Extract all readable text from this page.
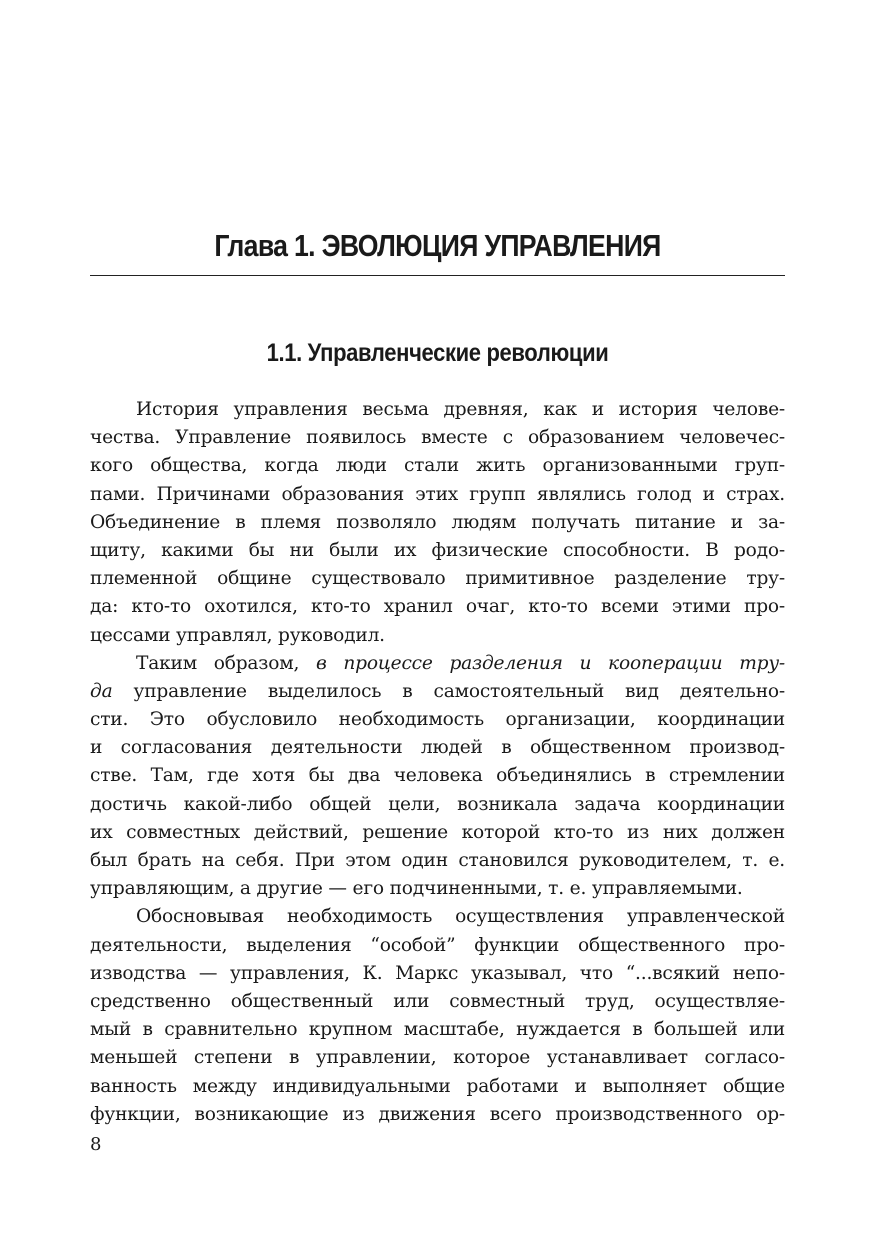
Глава 1. ЭВОЛЮЦИЯ УПРАВЛЕНИЯ
1.1. Управленческие революции
История управления весьма древняя, как и история челове-
чества. Управление появилось вместе с образованием человечес-
кого общества, когда люди стали жить организованными груп-
пами. Причинами образования этих групп являлись голод и страх.
Объединение в племя позволяло людям получать питание и за-
щиту, какими бы ни были их физические способности. В родо-
племенной общине существовало примитивное разделение тру-
да: кто-то охотился, кто-то хранил очаг, кто-то всеми этими про-
цессами управлял, руководил.
Таким образом, в процессе разделения и кооперации тру-
да управление выделилось в самостоятельный вид деятельно-
сти. Это обусловило необходимость организации, координации
и согласования деятельности людей в общественном производ-
стве. Там, где хотя бы два человека объединялись в стремлении
достичь какой-либо общей цели, возникала задача координации
их совместных действий, решение которой кто-то из них должен
был брать на себя. При этом один становился руководителем, т. е.
управляющим, а другие — его подчиненными, т. е. управляемыми.
Обосновывая необходимость осуществления управленческой
деятельности, выделения “особой” функции общественного про-
изводства — управления, К. Маркс указывал, что “...всякий непо-
средственно общественный или совместный труд, осуществляе-
мый в сравнительно крупном масштабе, нуждается в большей или
меньшей степени в управлении, которое устанавливает согласо-
ванность между индивидуальными работами и выполняет общие
функции, возникающие из движения всего производственного ор-
8
